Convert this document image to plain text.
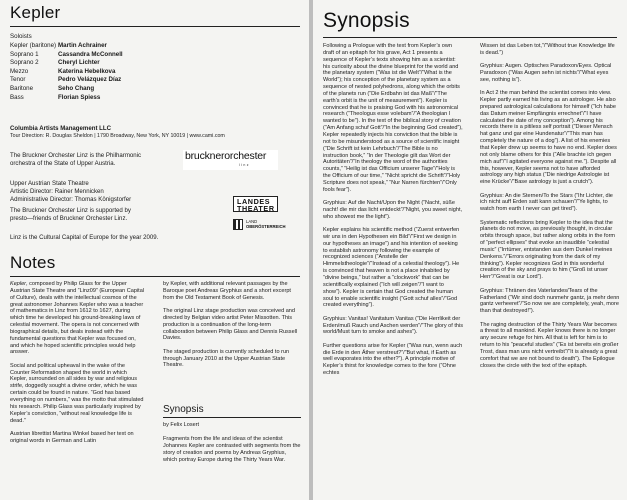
Kepler
Soloists
Kepler (baritone) Martin Achrainer
Soprano 1	Cassandra McConnell
Soprano 2	Cheryl Lichter
Mezzo	Katerina Hebelkova
Tenor	Pedro Velázquez Díaz
Baritone	Seho Chang
Bass	Florian Spiess
Columbia Artists Management LLC
Tour Direction: R. Douglas Sheldon | 1790 Broadway, New York, NY 10019 | www.cami.com
The Bruckner Orchester Linz is the Philharmonic
orchestra of the State of Upper Austria.
brucknerorchester
linz
Upper Austrian State Theatre
Artistic Director: Rainer Mennicken
Administrative Director: Thomas Königstorfer	LANDES
THEATER
The Bruckner Orchester Linz is supported by
presto—friends of Bruckner Orchester Linz.	LAND
OBERÖSTERREICH
Linz is the Cultural Capital of Europe for the year 2009.
Notes

Kepler, composed by Philip Glass for the Upper Austrian State Theatre and “Linz09” (European Capital of Culture), deals with the intellectual cosmos of the great astronomer Johannes Kepler who was a teacher of mathematics in Linz from 1612 to 1627, during which time he developed his ground-breaking laws of celestial movement. The opera is not concerned with biographical details, but deals instead with the fundamental questions that Kepler was focused on, and which he hoped scientific principles would help answer.

Social and political upheaval in the wake of the Counter Reformation shaped the world in which Kepler, surrounded on all sides by war and religious strife, doggedly sought a divine order, which he was certain could be found in nature. “God has based everything on numbers,” was the motto that stimulated his research. Philip Glass was particularly inspired by Kepler’s conviction, “without real knowledge life is dead.”

Austrian librettist Martina Winkel based her text on original words in German and Latin

by Kepler, with additional relevant passages by the Baroque poet Andreas Gryphius and a short excerpt from the Old Testament Book of Genesis.

The original Linz stage production was conceived and directed by Belgian video artist Peter Missotten. This production is a continuation of the long-term collaboration between Philip Glass and Dennis Russell Davies.

The staged production is currently scheduled to run through January 2010 at the Upper Austrian State Theatre.

Synopsis
by Felix Losert
Fragments from the life and ideas of the scientist Johannes Kepler are contrasted with segments from the story of creation and poems by Andreas Gryphius, which portray Europe during the Thirty Years War.
Synopsis

Following a Prologue with the text from Kepler’s own draft of an epitaph for his grave, Act 1 presents a sequence of Kepler’s texts showing him as a scientist: his curiosity about the divine blueprint for the world and the planetary system (“Was ist die Welt”/“What is the World”); his conception of the planetary system as a sequence of nested polyhedrons, along which the orbits of the planets run (“Die Erdbahn ist das Maß”/“The earth’s orbit is the unit of measurement”). Kepler is convinced that he is praising God with his astronomical research (“Theologus esse volebam”/“A theologian I wanted to be”). In the text of the biblical story of creation (“Am Anfang schuf Gott”/“In the beginning God created”), Kepler repeatedly injects his conviction that the bible is not to be misunderstood as a source of scientific insight (“Die Schrift ist kein Lehrbuch”/“The Bible is no instruction book,” “In der Theologie gilt das Wort der Autoritäten”/“In theology the word of the authorities counts,” “Heilig ist das Officium unserer Tage”/“Holy is the Officium of our time,” “Nicht spricht die Schrift”/“Holy Scripture does not speak,” “Nur Narren fürchten”/“Only fools fear”).

Gryphius: Auf die Nacht/Upon the Night (“Nacht, süße nacht! die mir das licht entdeckt”/“Night, you sweet night, who showest me the light”).

Kepler explains his scientific method (“Zuerst entwerfen wir uns in den Hypothesen ein Bild”/“First we design in our hypotheses an image”) and his intention of seeking to establish astronomy following the example of recognized sciences (“Anstelle der Himmelstheologie”/“Instead of a celestial theology”). He is convinced that heaven is not a place inhabited by “divine beings,” but rather a “clockwork” that can be scientifically explained (“Ich will zeigen”/“I want to show”). Kepler is certain that God created the human soul to enable scientific insight (“Gott schuf alles”/“God created everything”).

Gryphius: Vanitas! Vanitatum Vanitas (“Die Herrlikeit der Erden/muß Rauch und Aschen werden”/“The glory of this world/Must turn to smoke and ashes”).

Further questions arise for Kepler (“Was nun, wenn auch die Erde in den Äther verstreut?”/“But what, if Earth as well evaporates into the ether?”). A principle motive of Kepler’s thirst for knowledge comes to the fore (“Ohne echtes

Wissen ist das Leben tot,”/“Without true Knowledge life is dead.”)

Gryphius: Augen. Optisches Paradoxon/Eyes. Optical Paradoxon (“Was Augen sehn ist nichts”/“What eyes see, nothing is”).

In Act 2 the man behind the scientist comes into view. Kepler partly earned his living as an astrologer. He also prepared astrological calculations for himself (“Ich habe das Datum meiner Empfängnis errechnet”/“I have calculated the date of my conception”). Among his records there is a pitiless self portrait (“Dieser Mensch hat ganz und gar eine Hundenatur”/“This man has completely the nature of a dog”). A list of his enemies that Kepler drew up seems to have no end. Kepler does not only blame others for this (“Alle brachte ich gegen mich auf”/“I agitated everyone against me.”). Despite all this, however, Kepler seems not to have afforded astrology any high status (“Die niedrige Astrologie ist eine Krücke”/“Base astrology is just a crutch”).

Gryphius: An die Sternen/To the Stars (“Ihr Lichter, die ich nicht auff Erden satt kann schauen”/“Ye lights, to watch from earth I never can get tired”).

Systematic reflections bring Kepler to the idea that the planets do not move, as previously thought, in circular orbits through space, but rather along orbits in the form of “perfect ellipses” that evoke an inaudible “celestial music” (“Irrtümer, entstanden aus dem Dunkel meines Denkens.”/“Errors originating from the dark of my thinking”). Kepler recognizes God in this wonderful creation of the sky and prays to him (“Groß ist unser Herr”/“Great is our Lord”).

Gryphius: Thränen des Vaterlandes/Tears of the Fatherland (“Wir sind doch nunmehr gantz, ja mehr denn gantz verheeret”/“So now we are completely, yeah, more than that destroyed!”).

The raging destruction of the Thirty Years War becomes a threat to all mankind. Kepler knows there is no longer any secure refuge for him. All that is left for him is to return to his “peaceful studies” (“Es ist bereits ein großer Trost, dass man uns nicht vertreibt”/“It is already a great comfort that we are not bound to death”). The Epilogue closes the circle with the text of the epitaph.
